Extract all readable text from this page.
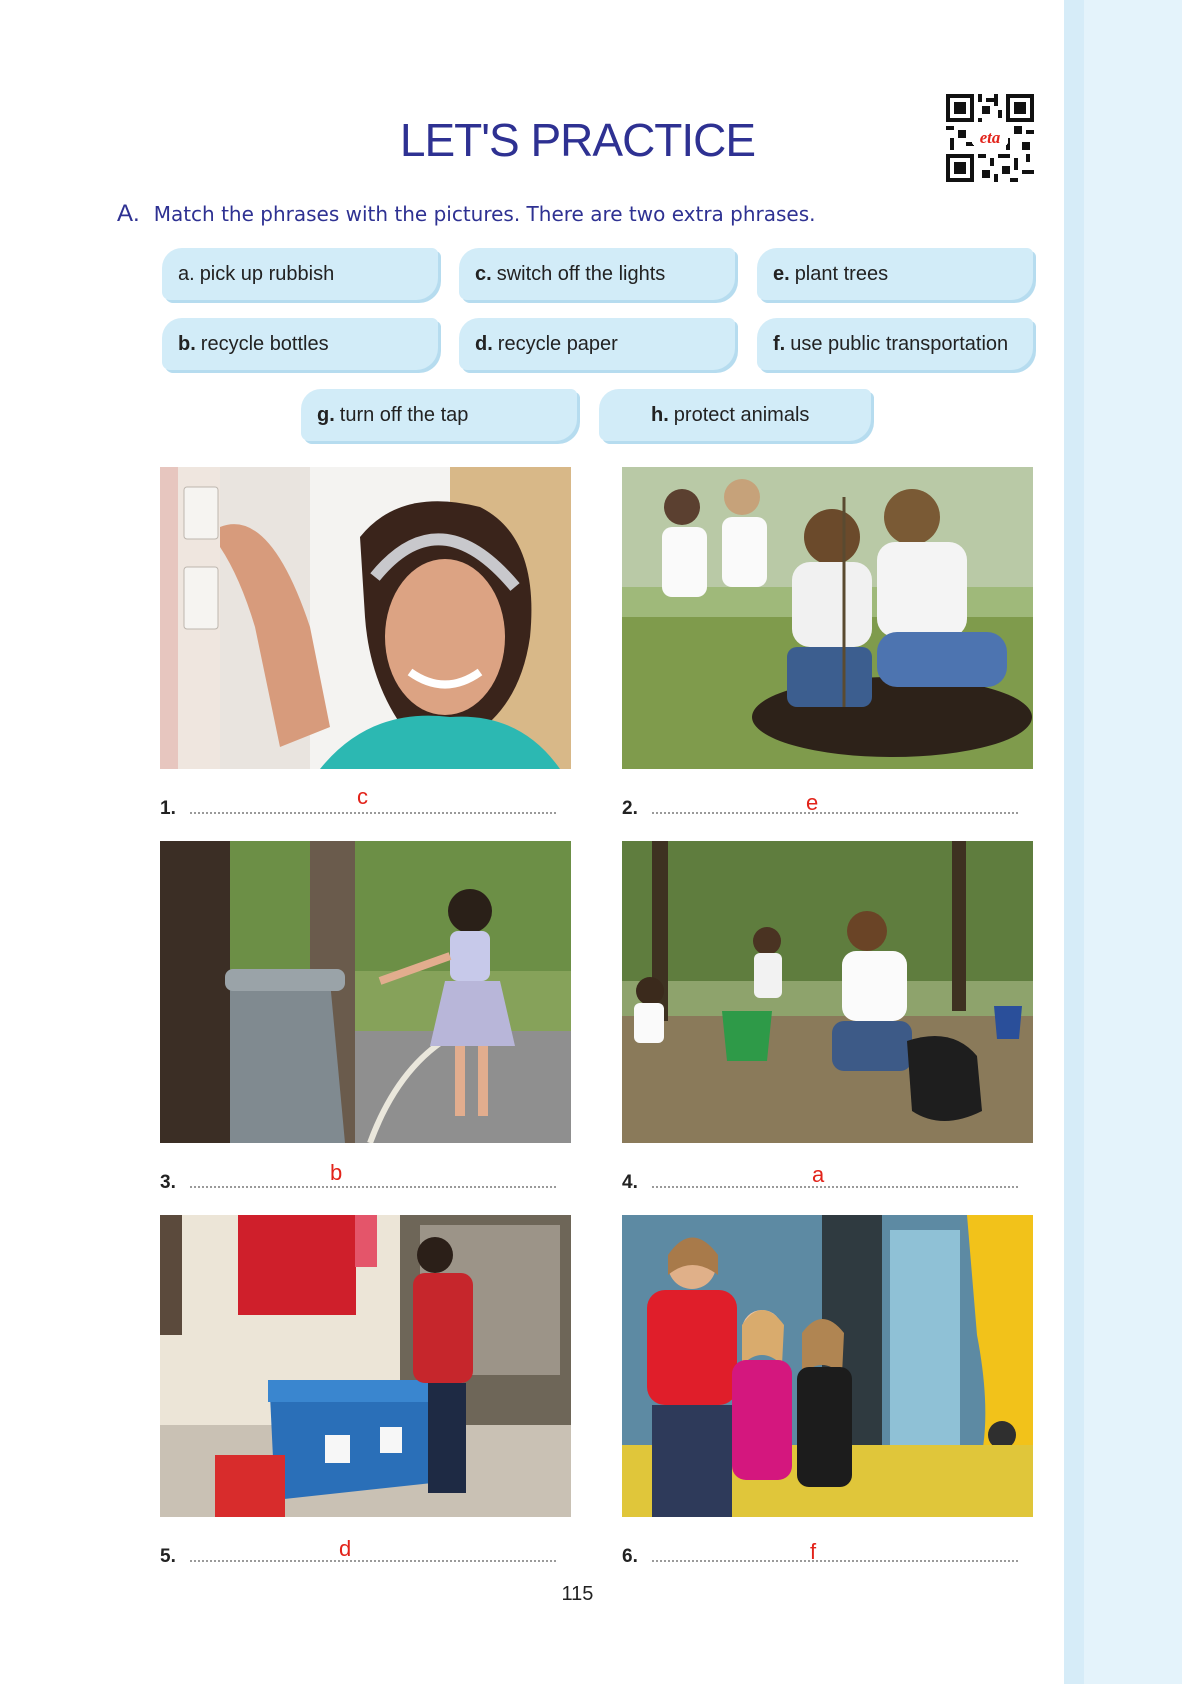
LET'S PRACTICE	eta
A. Match the phrases with the pictures. There are two extra phrases.
a. pick up rubbish	c. switch off the lights	e. plant trees
b. recycle bottles	d. recycle paper	f. use public transportation
g. turn off the tap	h. protect animals
1.	c	2.	e
3.	b	4.	a
5.	d	6.	f
115
